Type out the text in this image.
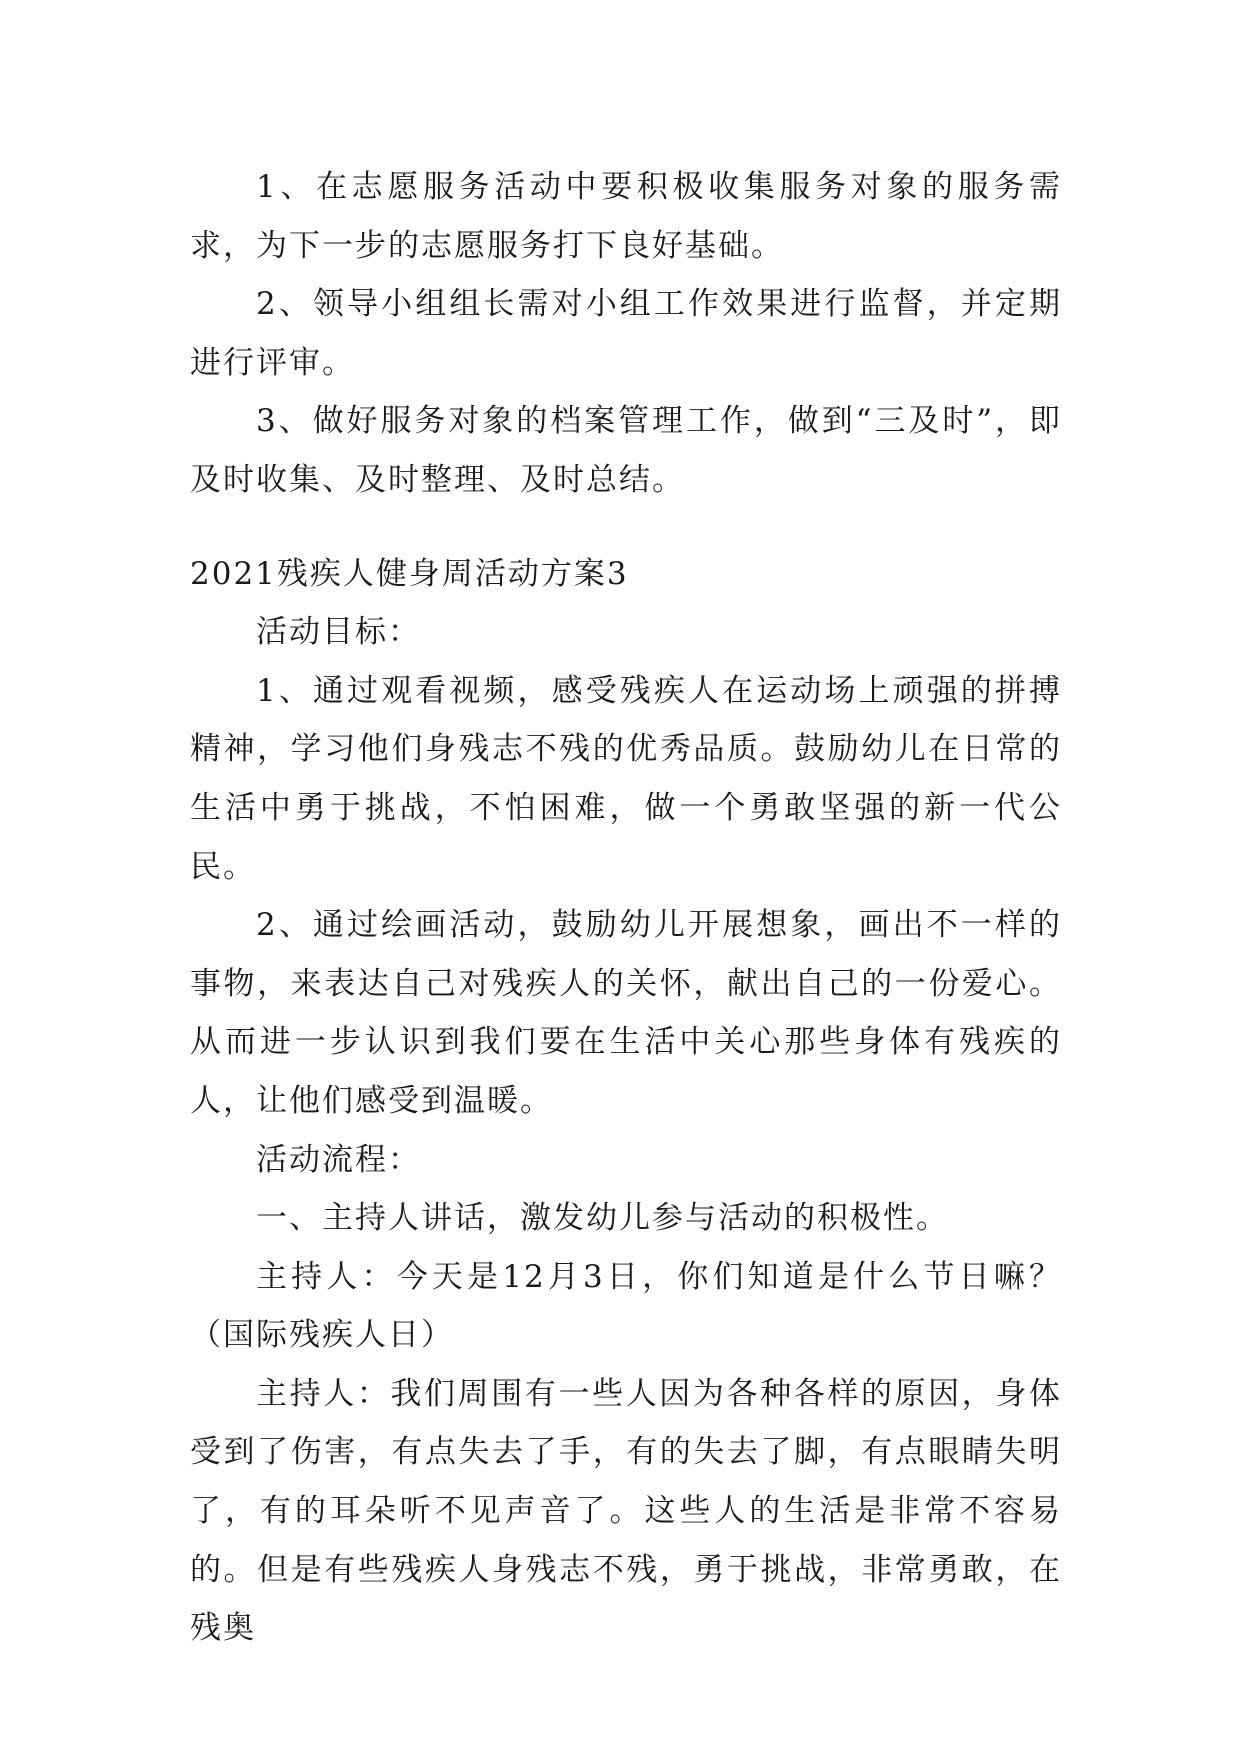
1、在志愿服务活动中要积极收集服务对象的服务需求，为下一步的志愿服务打下良好基础。

2、领导小组组长需对小组工作效果进行监督，并定期进行评审。

3、做好服务对象的档案管理工作，做到“三及时”，即及时收集、及时整理、及时总结。

2021残疾人健身周活动方案3

活动目标：

1、通过观看视频，感受残疾人在运动场上顽强的拼搏精神，学习他们身残志不残的优秀品质。鼓励幼儿在日常的生活中勇于挑战，不怕困难，做一个勇敢坚强的新一代公民。

2、通过绘画活动，鼓励幼儿开展想象，画出不一样的事物，来表达自己对残疾人的关怀，献出自己的一份爱心。从而进一步认识到我们要在生活中关心那些身体有残疾的人，让他们感受到温暖。

活动流程：

一、主持人讲话，激发幼儿参与活动的积极性。

主持人：今天是12月3日，你们知道是什么节日嘛？（国际残疾人日）

主持人：我们周围有一些人因为各种各样的原因，身体受到了伤害，有点失去了手，有的失去了脚，有点眼睛失明了，有的耳朵听不见声音了。这些人的生活是非常不容易的。但是有些残疾人身残志不残，勇于挑战，非常勇敢，在残奥
